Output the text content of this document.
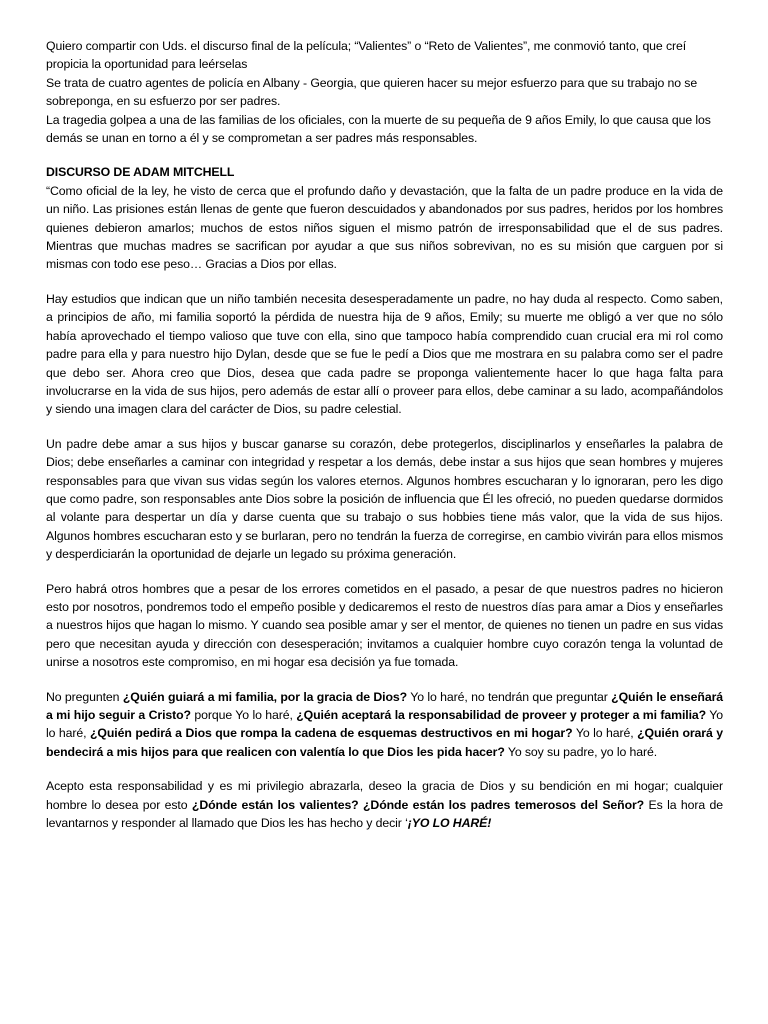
Quiero compartir con Uds. el discurso final de la película; “Valientes” o “Reto de Valientes”, me conmovió tanto, que creí propicia la oportunidad para leérselas

Se trata de cuatro agentes de policía en Albany - Georgia, que quieren hacer su mejor esfuerzo para que su trabajo no se sobreponga, en su esfuerzo por ser padres.

La tragedia golpea a una de las familias de los oficiales, con la muerte de su pequeña de 9 años Emily, lo que causa que los demás se unan en torno a él y se comprometan a ser padres más responsables.

DISCURSO DE ADAM MITCHELL

“Como oficial de la ley, he visto de cerca que el profundo daño y devastación, que la falta de un padre produce en la vida de un niño. Las prisiones están llenas de gente que fueron descuidados y abandonados por sus padres, heridos por los hombres quienes debieron amarlos; muchos de estos niños siguen el mismo patrón de irresponsabilidad que el de sus padres. Mientras que muchas madres se sacrifican por ayudar a que sus niños sobrevivan, no es su misión que carguen por si mismas con todo ese peso… Gracias a Dios por ellas.

Hay estudios que indican que un niño también necesita desesperadamente un padre, no hay duda al respecto. Como saben, a principios de año, mi familia soportó la pérdida de nuestra hija de 9 años, Emily; su muerte me obligó a ver que no sólo había aprovechado el tiempo valioso que tuve con ella, sino que tampoco había comprendido cuan crucial era mi rol como padre para ella y para nuestro hijo Dylan, desde que se fue le pedí a Dios que me mostrara en su palabra como ser el padre que debo ser. Ahora creo que Dios, desea que cada padre se proponga valientemente hacer lo que haga falta para involucrarse en la vida de sus hijos, pero además de estar allí o proveer para ellos, debe caminar a su lado, acompañándolos y siendo una imagen clara del carácter de Dios, su padre celestial.

Un padre debe amar a sus hijos y buscar ganarse su corazón, debe protegerlos, disciplinarlos y enseñarles la palabra de Dios; debe enseñarles a caminar con integridad y respetar a los demás, debe instar a sus hijos que sean hombres y mujeres responsables para que vivan sus vidas según los valores eternos. Algunos hombres escucharan y lo ignoraran, pero les digo que como padre, son responsables ante Dios sobre la posición de influencia que Él les ofreció, no pueden quedarse dormidos al volante para despertar un día y darse cuenta que su trabajo o sus hobbies tiene más valor, que la vida de sus hijos. Algunos hombres escucharan esto y se burlaran, pero no tendrán la fuerza de corregirse, en cambio vivirán para ellos mismos y desperdiciarán la oportunidad de dejarle un legado su próxima generación.

Pero habrá otros hombres que a pesar de los errores cometidos en el pasado, a pesar de que nuestros padres no hicieron esto por nosotros, pondremos todo el empeño posible y dedicaremos el resto de nuestros días para amar a Dios y enseñarles a nuestros hijos que hagan lo mismo. Y cuando sea posible amar y ser el mentor, de quienes no tienen un padre en sus vidas pero que necesitan ayuda y dirección con desesperación; invitamos a cualquier hombre cuyo corazón tenga la voluntad de unirse a nosotros este compromiso, en mi hogar esa decisión ya fue tomada.

No pregunten ¿Quién guiará a mi familia, por la gracia de Dios? Yo lo haré, no tendrán que preguntar ¿Quién le enseñará a mi hijo seguir a Cristo? porque Yo lo haré, ¿Quién aceptará la responsabilidad de proveer y proteger a mi familia? Yo lo haré, ¿Quién pedirá a Dios que rompa la cadena de esquemas destructivos en mi hogar? Yo lo haré, ¿Quién orará y bendecirá a mis hijos para que realicen con valentía lo que Dios les pida hacer? Yo soy su padre, yo lo haré.

Acepto esta responsabilidad y es mi privilegio abrazarla, deseo la gracia de Dios y su bendición en mi hogar; cualquier hombre lo desea por esto ¿Dónde están los valientes? ¿Dónde están los padres temerosos del Señor? Es la hora de levantarnos y responder al llamado que Dios les has hecho y decir ‘¡YO LO HARÉ!
